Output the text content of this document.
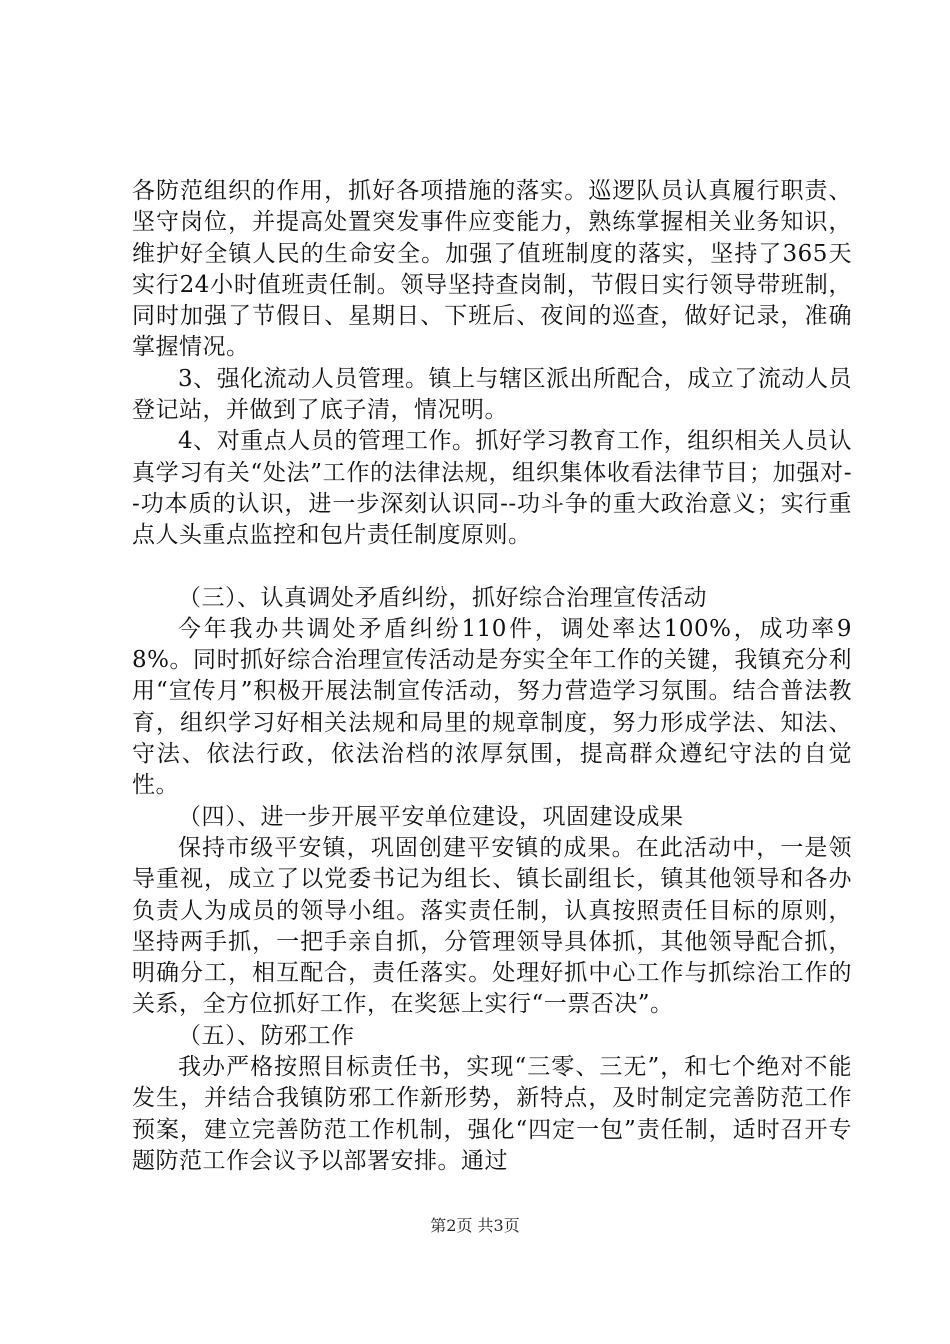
各防范组织的作用，抓好各项措施的落实。巡逻队员认真履行职责、坚守岗位，并提高处置突发事件应变能力，熟练掌握相关业务知识，维护好全镇人民的生命安全。加强了值班制度的落实，坚持了365天实行24小时值班责任制。领导坚持查岗制，节假日实行领导带班制，同时加强了节假日、星期日、下班后、夜间的巡查，做好记录，准确掌握情况。

3、强化流动人员管理。镇上与辖区派出所配合，成立了流动人员登记站，并做到了底子清，情况明。

4、对重点人员的管理工作。抓好学习教育工作，组织相关人员认真学习有关“处法”工作的法律法规，组织集体收看法律节目；加强对--功本质的认识，进一步深刻认识同--功斗争的重大政治意义；实行重点人头重点监控和包片责任制度原则。

（三）、认真调处矛盾纠纷，抓好综合治理宣传活动

今年我办共调处矛盾纠纷110件，调处率达100%，成功率98%。同时抓好综合治理宣传活动是夯实全年工作的关键，我镇充分利用“宣传月”积极开展法制宣传活动，努力营造学习氛围。结合普法教育，组织学习好相关法规和局里的规章制度，努力形成学法、知法、守法、依法行政，依法治档的浓厚氛围，提高群众遵纪守法的自觉性。

（四）、进一步开展平安单位建设，巩固建设成果

保持市级平安镇，巩固创建平安镇的成果。在此活动中，一是领导重视，成立了以党委书记为组长、镇长副组长，镇其他领导和各办负责人为成员的领导小组。落实责任制，认真按照责任目标的原则，坚持两手抓，一把手亲自抓，分管理领导具体抓，其他领导配合抓，明确分工，相互配合，责任落实。处理好抓中心工作与抓综治工作的关系，全方位抓好工作，在奖惩上实行“一票否决”。

（五）、防邪工作

我办严格按照目标责任书，实现“三零、三无”，和七个绝对不能发生，并结合我镇防邪工作新形势，新特点，及时制定完善防范工作预案，建立完善防范工作机制，强化“四定一包”责任制，适时召开专题防范工作会议予以部署安排。通过

第2页 共3页
